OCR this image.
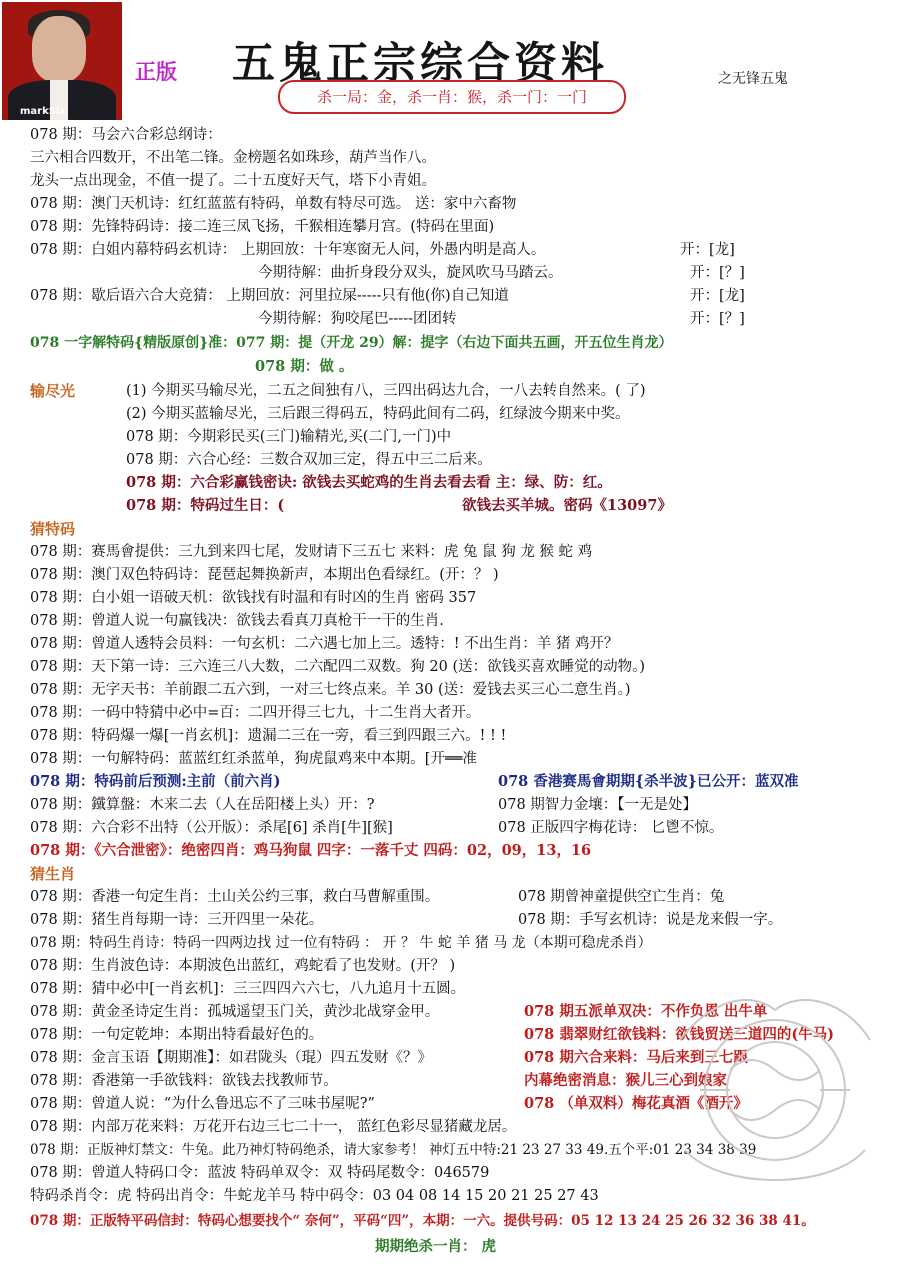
markSix
正版 五鬼正宗综合资料	之无锋五鬼
杀一局：金，杀一肖：猴，杀一门：一门
078 期：马会六合彩总纲诗：
三六相合四数开，不出笔二锋。金榜题名如珠珍，葫芦当作八。
龙头一点出现金，不值一提了。二十五度好天气，塔下小青姐。
078 期：澳门天机诗：红红蓝蓝有特码，单数有特尽可选。 送：家中六畜物
078 期：先锋特码诗：接二连三凤飞扬，千猴相连攀月宫。(特码在里面)
078 期：白姐内幕特码玄机诗： 上期回放：十年寒窗无人问，外愚内明是高人。	开：[龙]
今期待解：曲折身段分双头，旋风吹马马踏云。	开：[？]
078 期：歇后语六合大竞猜： 上期回放：河里拉屎-----只有他(你)自己知道	开：[龙]
今期待解：狗咬尾巴-----团团转	开：[？]
078 一字解特码{精版原创}准：077 期：提（开龙 29）解：提字（右边下面共五画，开五位生肖龙）
078 期：做 。
输尽光	(1) 今期买马输尽光，二五之间独有八，三四出码达九合，一八去转自然来。( 了)
(2) 今期买蓝输尽光，三后跟三得码五，特码此间有二码，红绿波今期来中奖。
078 期：今期彩民买(三门)输精光,买(二门,一门)中
078 期：六合心经：三数合双加三定，得五中三二后来。
078 期：六合彩赢钱密诀: 欲钱去买蛇鸡的生肖去看去看 主：绿、防：红。
078 期：特码过生日：(	欲钱去买羊城。密码《13097》
猜特码
078 期：赛馬會提供：三九到来四七尾，发财请下三五七 来料：虎 兔 鼠 狗 龙 猴 蛇 鸡
078 期：澳门双色特码诗：琵琶起舞换新声，本期出色看绿红。(开：？ )
078 期：白小姐一语破天机：欲钱找有时温和有时凶的生肖 密码 357
078 期：曾道人说一句赢钱决：欲钱去看真刀真枪干一干的生肖.
078 期：曾道人透特会员料：一句玄机：二六遇七加上三。透特：! 不出生肖：羊 猪 鸡开？
078 期：天下第一诗：三六连三八大数，二六配四二双数。狗 20 (送：欲钱买喜欢睡觉的动物。)
078 期：无字天书：羊前跟二五六到，一对三七终点来。羊 30 (送：爱钱去买三心二意生肖。)
078 期：一码中特猜中必中=百：二四开得三七九，十二生肖大者开。
078 期：特码爆一爆[一肖玄机]：遗漏二三在一旁，看三到四跟三六。! ! !
078 期：一句解特码：蓝蓝红红杀蓝单，狗虎鼠鸡来中本期。[开══准
078 期：特码前后预测:主前（前六肖)	078 香港赛馬會期期{杀半波}已公开：蓝双准
078 期：鐵算盤：木来二去（人在岳阳楼上头）开：?	078 期智力金壤：【一无是处】
078 期：六合彩不出特（公开版）：杀尾[6] 杀肖[牛][猴]	078 正版四字梅花诗： 匕鬯不惊。
078 期：《六合泄密》：绝密四肖：鸡马狗鼠 四字：一落千丈 四码：02，09，13，16
猜生肖
078 期：香港一句定生肖：土山关公约三事，救白马曹解重围。	078 期曾神童提供空亡生肖：兔
078 期：猪生肖每期一诗：三开四里一朵花。	078 期：手写玄机诗：说是龙来假一字。
078 期：特码生肖诗：特码一四两边找 过一位有特码 ： 开 ？ 牛 蛇 羊 猪 马 龙（本期可稳虎杀肖）
078 期：生肖波色诗：本期波色出蓝红，鸡蛇看了也发财。(开？ )
078 期：猜中必中[一肖玄机]：三三四四六六七，八九追月十五圆。
078 期：黄金圣诗定生肖：孤城遥望玉门关，黄沙北战穿金甲。	078 期五派单双决：不作负恩 出牛单
078 期：一句定乾坤：本期出特看最好色的。	078 翡翠财红欲钱料：欲钱贸送三道四的(牛马)
078 期：金言玉语【期期准】：如君陇头（琨）四五发财《？》	078 期六合来料：马后来到三七跟
078 期：香港第一手欲钱料：欲钱去找教师节。	内幕绝密消息：猴儿三心到娘家
078 期：曾道人说：“为什么鲁迅忘不了三味书屋呢?”	078 （单双料）梅花真酒《酒开》
078 期：内部万花来料：万花开右边三七二十一， 蓝红色彩尽显猪藏龙居。
078 期：正版神灯禁文：牛兔。此乃神灯特码绝杀，请大家参考！ 神灯五中特:21 23 27 33 49.五个平:01 23 34 38 39
078 期：曾道人特码口令：蓝波 特码单双令：双 特码尾数令：046579
特码杀肖令：虎 特码出肖令：牛蛇龙羊马 特中码令：03 04 08 14 15 20 21 25 27 43
078 期：正版特平码信封：特码心想要找个“ 奈何”，平码“四”，本期：一六。提供号码：05 12 13 24 25 26 32 36 38 41。
期期绝杀一肖： 虎
